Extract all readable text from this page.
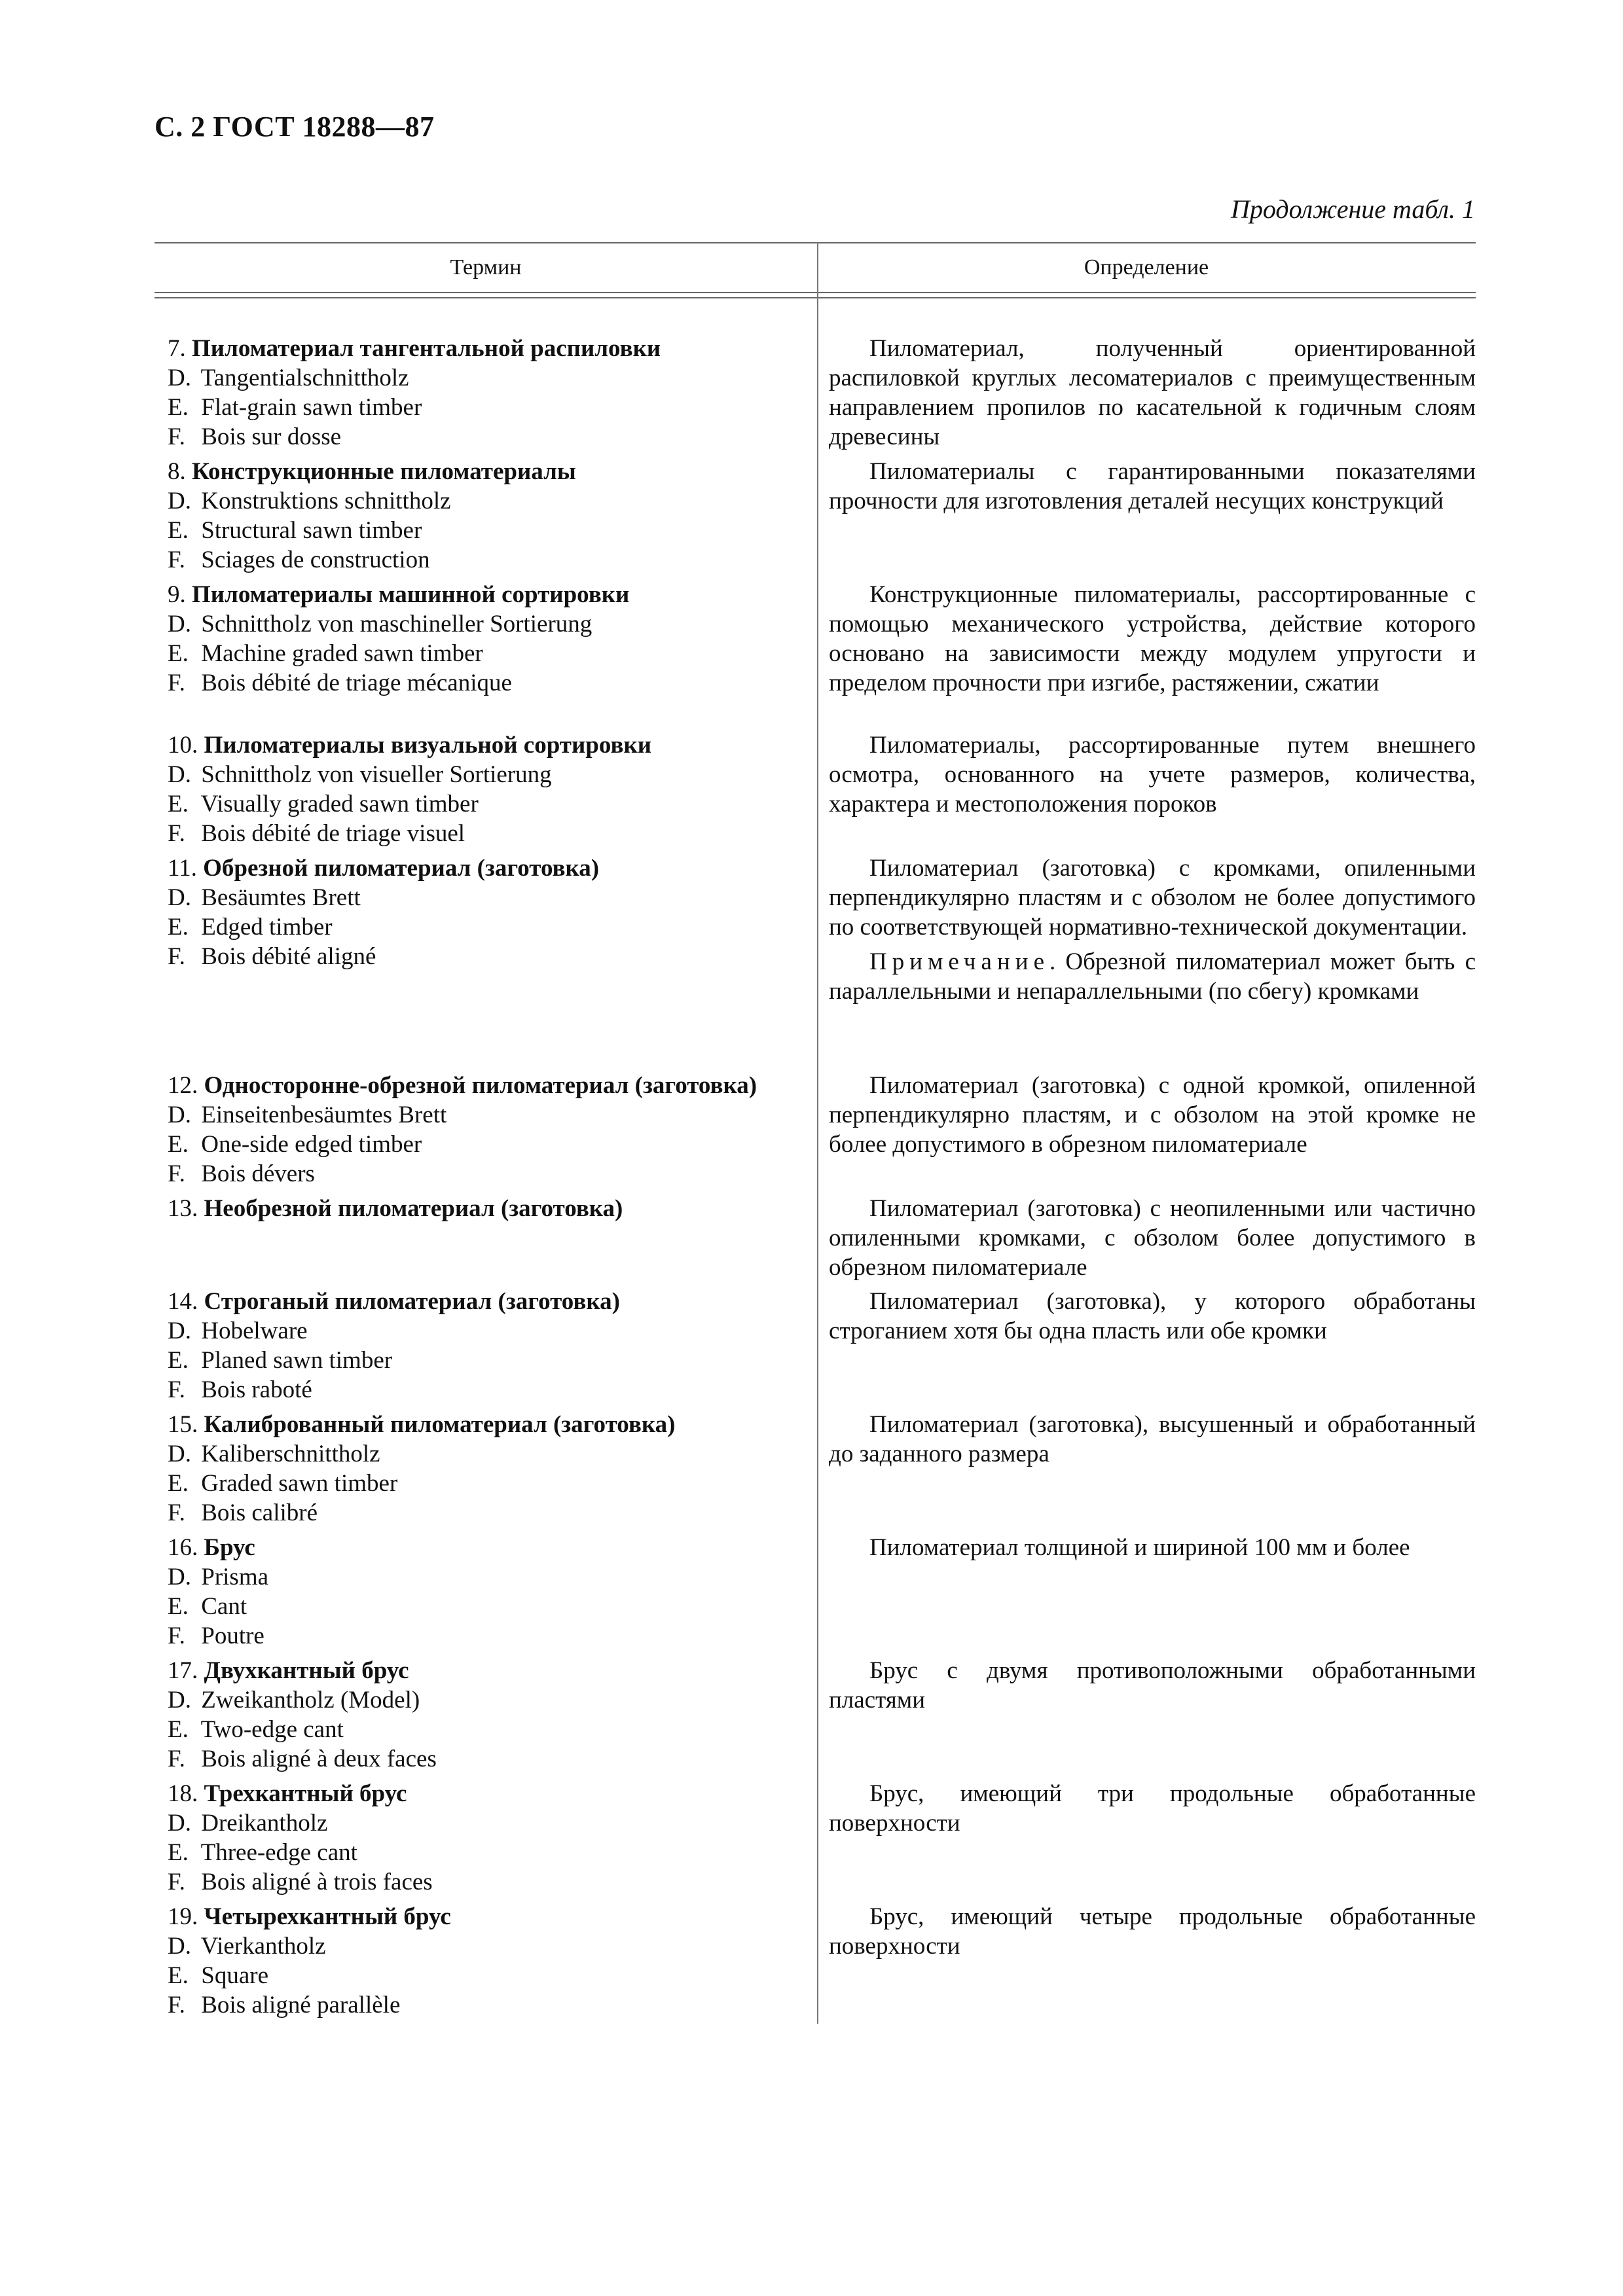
С. 2 ГОСТ 18288—87
Продолжение табл. 1
Термин	Определение
7. Пиломатериал тангентальной распиловки
D. Tangentialschnittholz
E. Flat-grain sawn timber
F. Bois sur dosse

Пиломатериал, полученный ориентированной распиловкой круглых лесоматериалов с преимущественным направлением пропилов по касательной к годичным слоям древесины

8. Конструкционные пиломатериалы
D. Konstruktions schnittholz
E. Structural sawn timber
F. Sciages de construction

Пиломатериалы с гарантированными показателями прочности для изготовления деталей несущих конструкций

9. Пиломатериалы машинной сортировки
D. Schnittholz von maschineller Sortierung
E. Machine graded sawn timber
F. Bois débité de triage mécanique

Конструкционные пиломатериалы, рассортированные с помощью механического устройства, действие которого основано на зависимости между модулем упругости и пределом прочности при изгибе, растяжении, сжатии

10. Пиломатериалы визуальной сортировки
D. Schnittholz von visueller Sortierung
E. Visually graded sawn timber
F. Bois débité de triage visuel

Пиломатериалы, рассортированные путем внешнего осмотра, основанного на учете размеров, количества, характера и местоположения пороков

11. Обрезной пиломатериал (заготовка)
D. Besäumtes Brett
E. Edged timber
F. Bois débité aligné

Пиломатериал (заготовка) с кромками, опиленными перпендикулярно пластям и с обзолом не более допустимого по соответствующей нормативно-технической документации.

Примечание. Обрезной пиломатериал может быть с параллельными и непараллельными (по сбегу) кромками

12. Односторонне-обрезной пиломатериал (заготовка)
D. Einseitenbesäumtes Brett
E. One-side edged timber
F. Bois dévers

Пиломатериал (заготовка) с одной кромкой, опиленной перпендикулярно пластям, и с обзолом на этой кромке не более допустимого в обрезном пиломатериале

13. Необрезной пиломатериал (заготовка)	Пиломатериал (заготовка) с неопиленными или частично опиленными кромками, с обзолом более допустимого в обрезном пиломатериале

14. Строганый пиломатериал (заготовка)
D. Hobelware
E. Planed sawn timber
F. Bois raboté

Пиломатериал (заготовка), у которого обработаны строганием хотя бы одна пласть или обе кромки

15. Калиброванный пиломатериал (заготовка)
D. Kaliberschnittholz
E. Graded sawn timber
F. Bois calibré

Пиломатериал (заготовка), высушенный и обработанный до заданного размера

16. Брус
D. Prisma
E. Cant
F. Poutre

Пиломатериал толщиной и шириной 100 мм и более

17. Двухкантный брус
D. Zweikantholz (Model)
E. Two-edge cant
F. Bois aligné à deux faces

Брус с двумя противоположными обработанными пластями

18. Трехкантный брус
D. Dreikantholz
E. Three-edge cant
F. Bois aligné à trois faces

Брус, имеющий три продольные обработанные поверхности

19. Четырехкантный брус
D. Vierkantholz
E. Square
F. Bois aligné parallèle

Брус, имеющий четыре продольные обработанные поверхности
